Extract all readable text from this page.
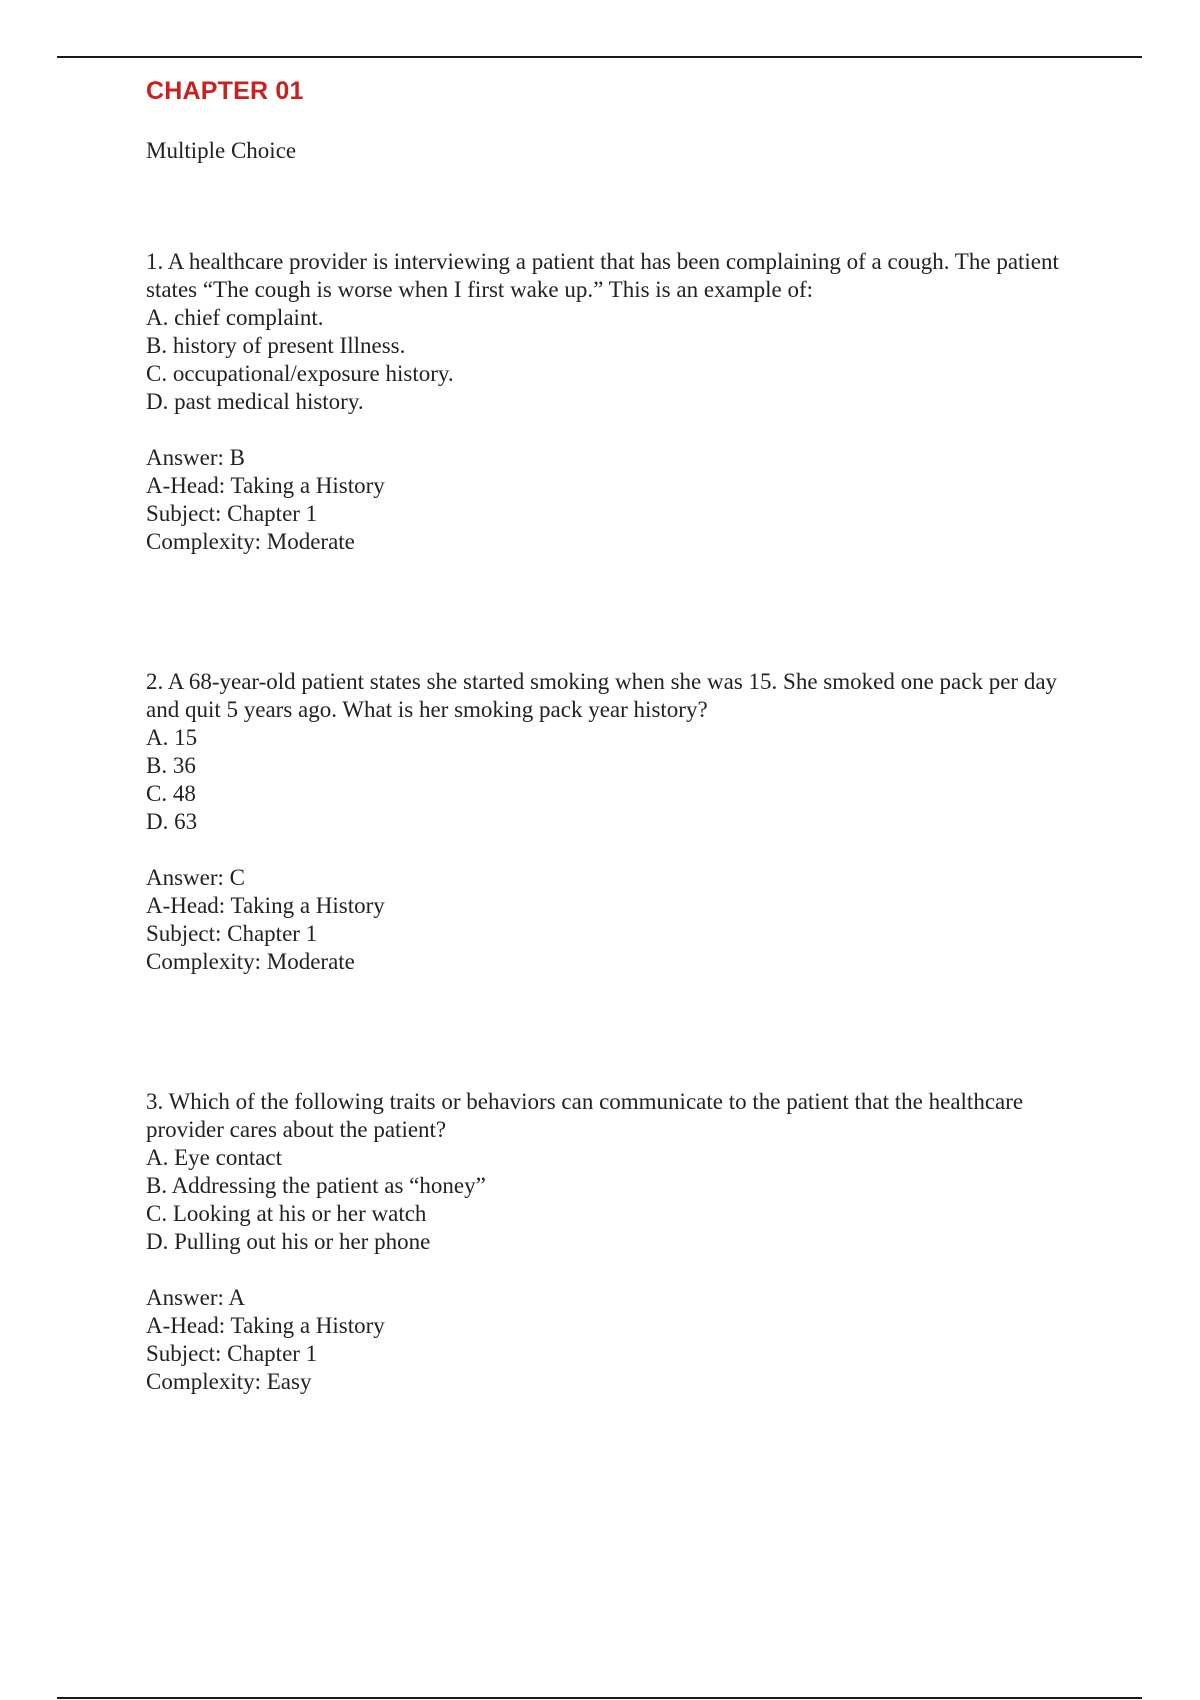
CHAPTER 01
Multiple Choice
1. A healthcare provider is interviewing a patient that has been complaining of a cough. The patient states “The cough is worse when I first wake up.” This is an example of:
A. chief complaint.
B. history of present Illness.
C. occupational/exposure history.
D. past medical history.
Answer: B
A-Head: Taking a History
Subject: Chapter 1
Complexity: Moderate
2. A 68-year-old patient states she started smoking when she was 15. She smoked one pack per day and quit 5 years ago. What is her smoking pack year history?
A. 15
B. 36
C. 48
D. 63
Answer: C
A-Head: Taking a History
Subject: Chapter 1
Complexity: Moderate
3. Which of the following traits or behaviors can communicate to the patient that the healthcare provider cares about the patient?
A. Eye contact
B. Addressing the patient as “honey”
C. Looking at his or her watch
D. Pulling out his or her phone
Answer: A
A-Head: Taking a History
Subject: Chapter 1
Complexity: Easy
